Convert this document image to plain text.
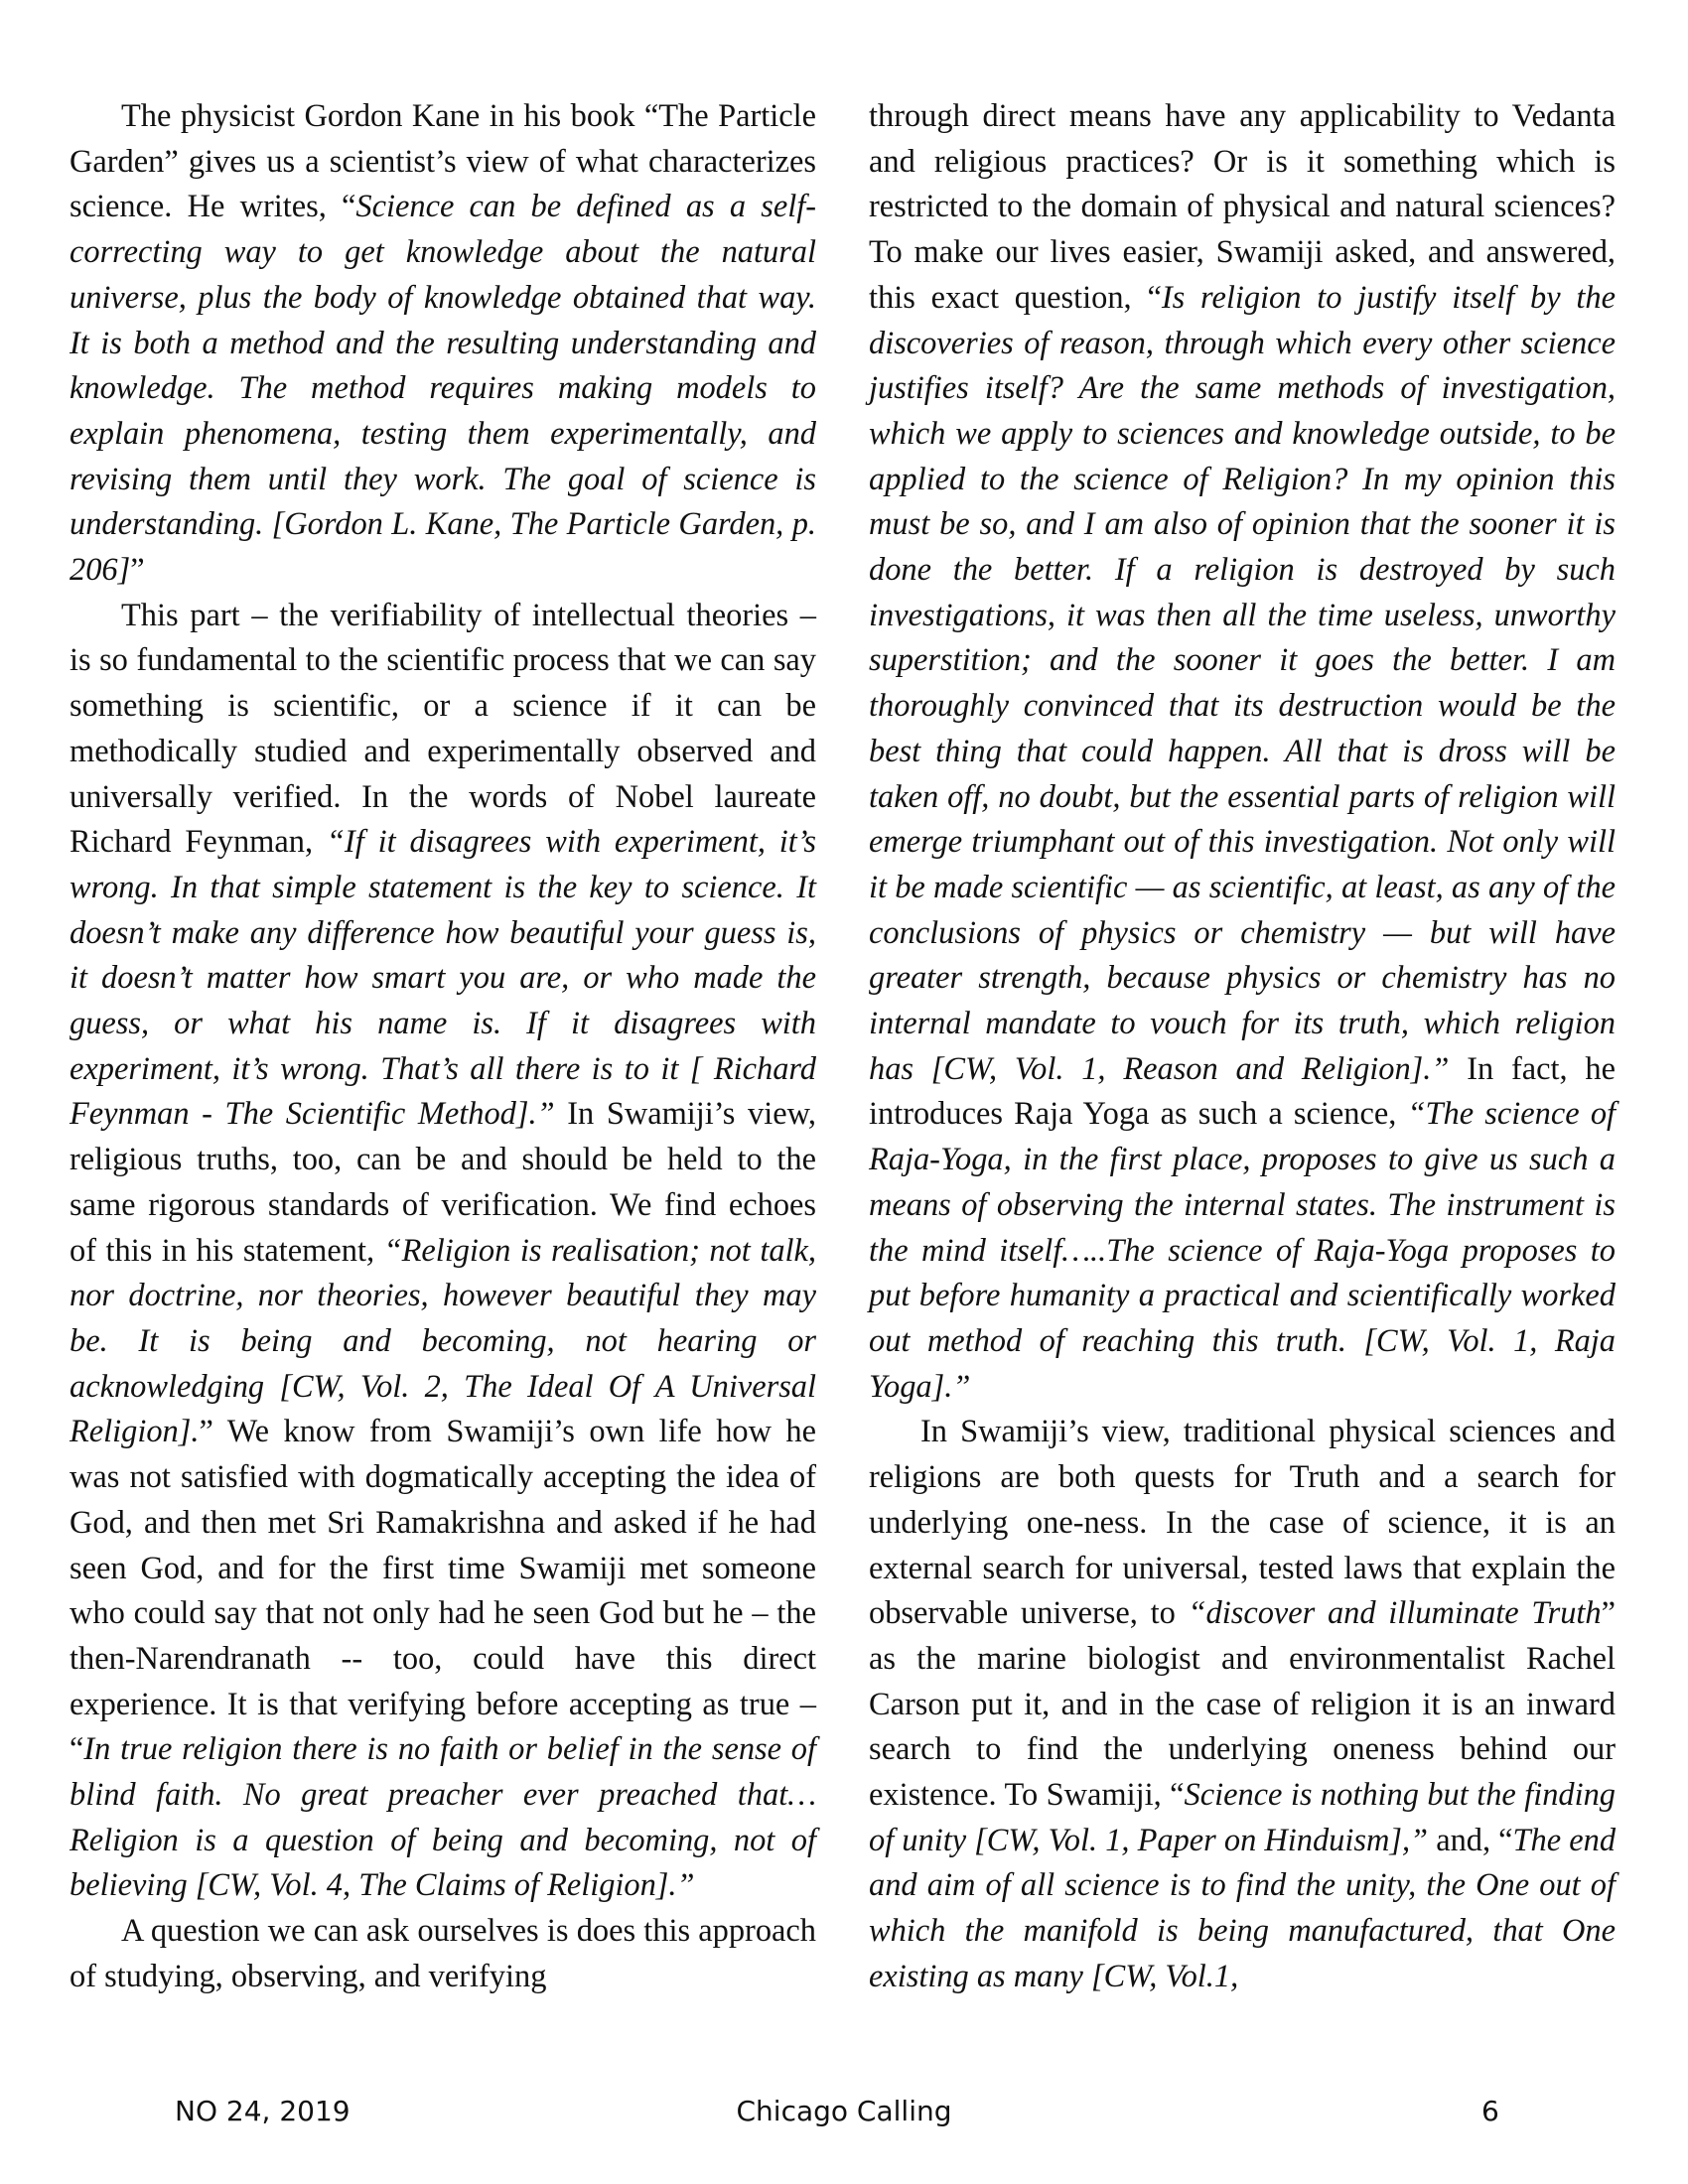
The physicist Gordon Kane in his book “The Particle Garden” gives us a scientist’s view of what characterizes science. He writes, “Science can be defined as a self-correcting way to get knowledge about the natural universe, plus the body of knowledge obtained that way. It is both a method and the resulting understanding and knowledge. The method requires making models to explain phenomena, testing them experimentally, and revising them until they work. The goal of science is understanding. [Gordon L. Kane, The Particle Garden, p. 206]”

This part – the verifiability of intellectual theories – is so fundamental to the scientific process that we can say something is scientific, or a science if it can be methodically studied and experimentally observed and universally verified. In the words of Nobel laureate Richard Feynman, “If it disagrees with experiment, it’s wrong. In that simple statement is the key to science. It doesn’t make any difference how beautiful your guess is, it doesn’t matter how smart you are, or who made the guess, or what his name is. If it disagrees with experiment, it’s wrong. That’s all there is to it [ Richard Feynman - The Scientific Method].” In Swamiji’s view, religious truths, too, can be and should be held to the same rigorous standards of verification. We find echoes of this in his statement, “Religion is realisation; not talk, nor doctrine, nor theories, however beautiful they may be. It is being and becoming, not hearing or acknowledging [CW, Vol. 2, The Ideal Of A Universal Religion].” We know from Swamiji’s own life how he was not satisfied with dogmatically accepting the idea of God, and then met Sri Ramakrishna and asked if he had seen God, and for the first time Swamiji met someone who could say that not only had he seen God but he – the then-Narendranath -- too, could have this direct experience. It is that verifying before accepting as true – “In true religion there is no faith or belief in the sense of blind faith. No great preacher ever preached that… Religion is a question of being and becoming, not of believing [CW, Vol. 4, The Claims of Religion].”

A question we can ask ourselves is does this approach of studying, observing, and verifying

through direct means have any applicability to Vedanta and religious practices? Or is it something which is restricted to the domain of physical and natural sciences? To make our lives easier, Swamiji asked, and answered, this exact question, “Is religion to justify itself by the discoveries of reason, through which every other science justifies itself? Are the same methods of investigation, which we apply to sciences and knowledge outside, to be applied to the science of Religion? In my opinion this must be so, and I am also of opinion that the sooner it is done the better. If a religion is destroyed by such investigations, it was then all the time useless, unworthy superstition; and the sooner it goes the better. I am thoroughly convinced that its destruction would be the best thing that could happen. All that is dross will be taken off, no doubt, but the essential parts of religion will emerge triumphant out of this investigation. Not only will it be made scientific — as scientific, at least, as any of the conclusions of physics or chemistry — but will have greater strength, because physics or chemistry has no internal mandate to vouch for its truth, which religion has [CW, Vol. 1, Reason and Religion].” In fact, he introduces Raja Yoga as such a science, “The science of Raja-Yoga, in the first place, proposes to give us such a means of observing the internal states. The instrument is the mind itself…..The science of Raja-Yoga proposes to put before humanity a practical and scientifically worked out method of reaching this truth. [CW, Vol. 1, Raja Yoga].”

In Swamiji’s view, traditional physical sciences and religions are both quests for Truth and a search for underlying one-ness. In the case of science, it is an external search for universal, tested laws that explain the observable universe, to “discover and illuminate Truth” as the marine biologist and environmentalist Rachel Carson put it, and in the case of religion it is an inward search to find the underlying oneness behind our existence. To Swamiji, “Science is nothing but the finding of unity [CW, Vol. 1, Paper on Hinduism],” and, “The end and aim of all science is to find the unity, the One out of which the manifold is being manufactured, that One existing as many [CW, Vol.1,

NO 24, 2019	Chicago Calling	6
